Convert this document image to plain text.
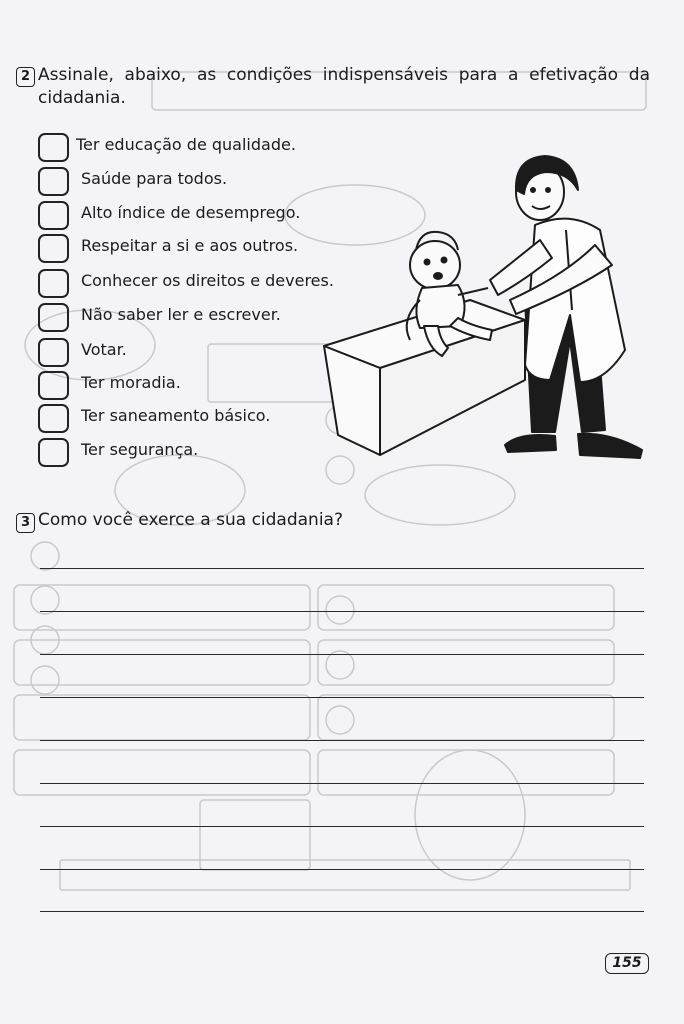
2 Assinale, abaixo, as condições indispensáveis para a efetivação da cidadania.
Ter educação de qualidade.
Saúde para todos.
Alto índice de desemprego.
Respeitar a si e aos outros.
Conhecer os direitos e deveres.
Não saber ler e escrever.
Votar.
Ter moradia.
Ter saneamento básico.
Ter segurança.
3 Como você exerce a sua cidadania?
155
